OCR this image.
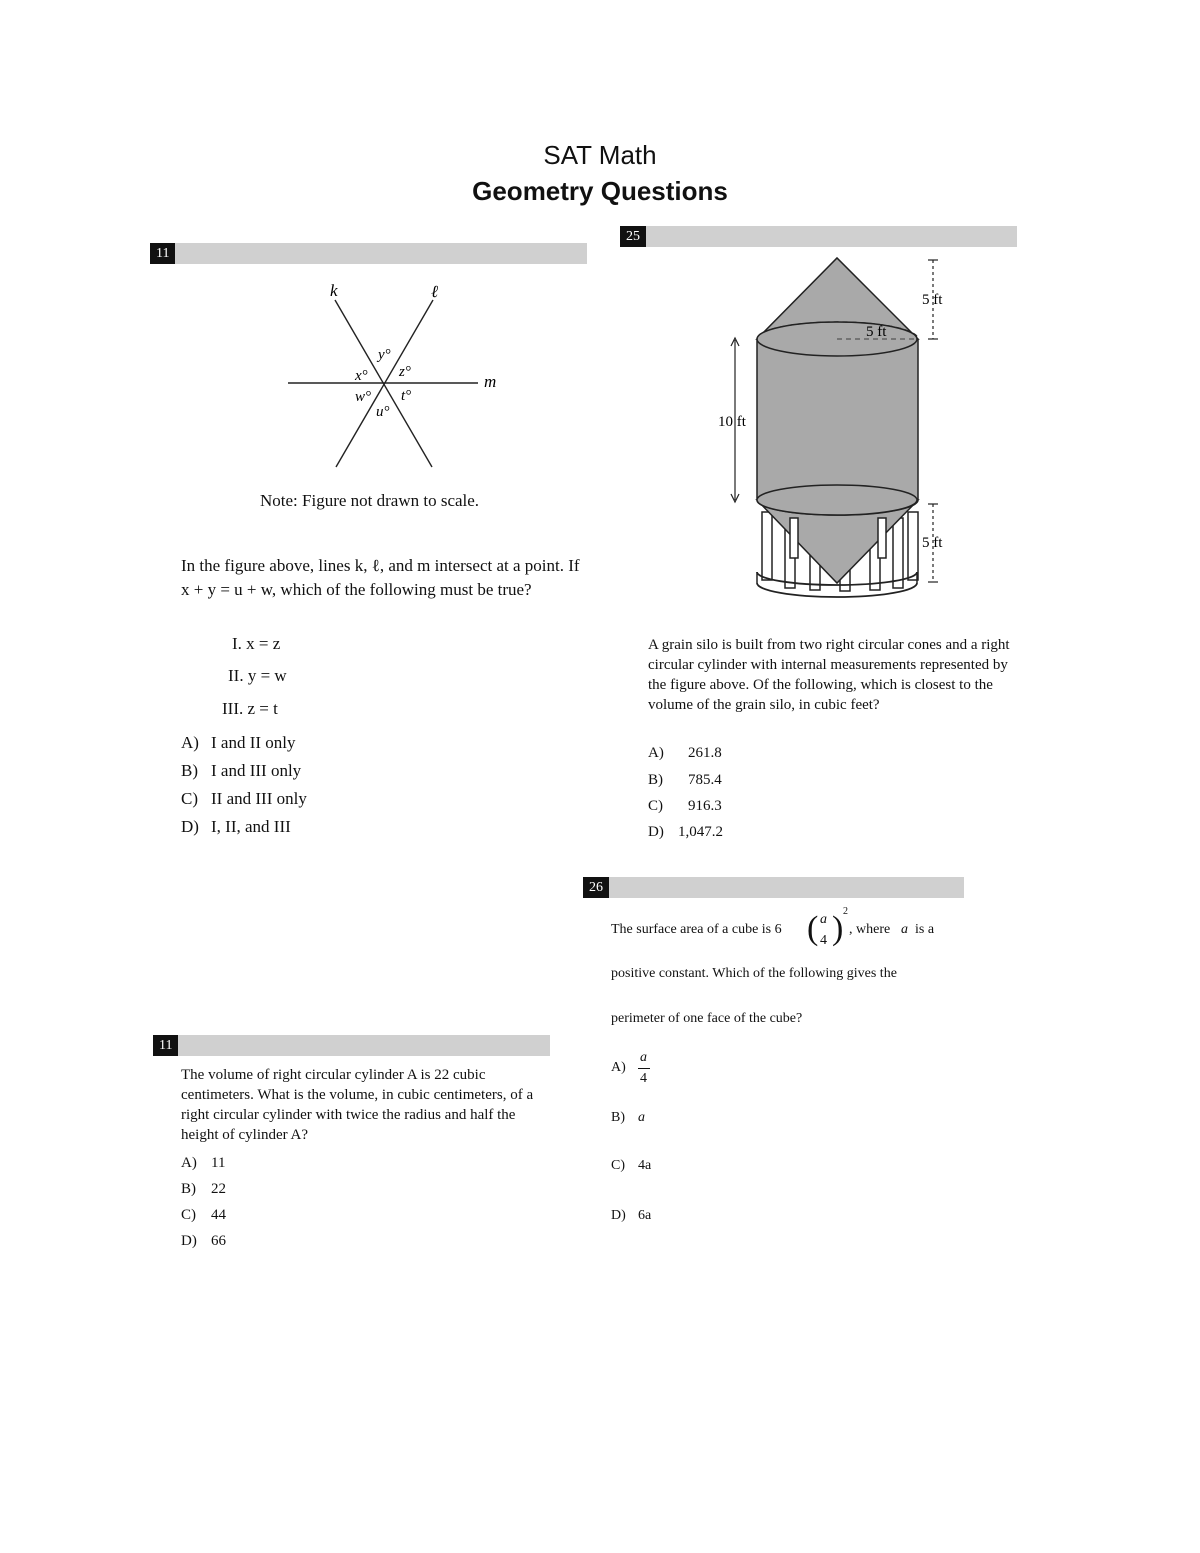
SAT Math
Geometry Questions
11
k	ℓ
m
x°
y°
z°
w°
u°
t°
Note: Figure not drawn to scale.
In the figure above, lines k, ℓ, and m intersect at a point. If x + y = u + w, which of the following must be true?
I. x = z
II. y = w
III. z = t
A) I and II only
B) I and III only
C) II and III only
D) I, II, and III
11
The volume of right circular cylinder A is 22 cubic centimeters. What is the volume, in cubic centimeters, of a right circular cylinder with twice the radius and half the height of cylinder A?
A) 11
B) 22
C) 44
D) 66
25
5 ft
5 ft
10 ft
5 ft
A grain silo is built from two right circular cones and a right circular cylinder with internal measurements represented by the figure above. Of the following, which is closest to the volume of the grain silo, in cubic feet?
A) 261.8
B) 785.4
C) 916.3
D) 1,047.2
26
The surface area of a cube is 6 ( a
4 ) 2
, where a is a
positive constant. Which of the following gives the
perimeter of one face of the cube?
A)
a
4
B) a
C) 4a
D) 6a
